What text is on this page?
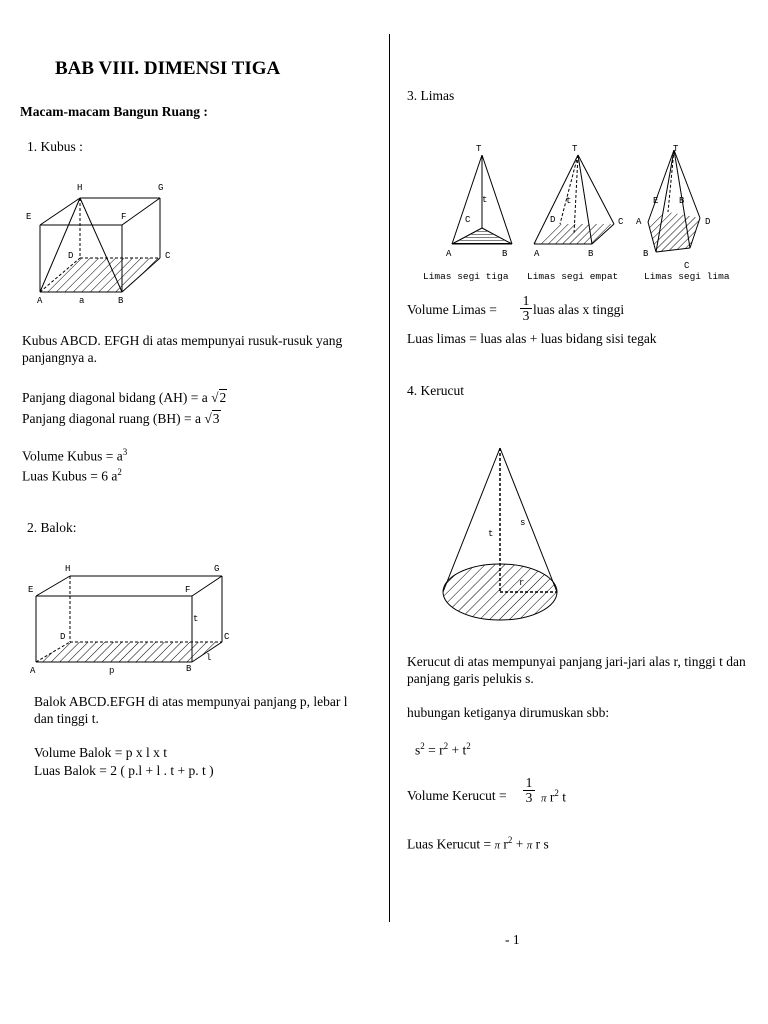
BAB VIII. DIMENSI TIGA
Macam-macam Bangun Ruang :
1. Kubus :
H	G
E	F
D	C
A	a	B
Kubus ABCD. EFGH di atas mempunyai rusuk-rusuk yang panjangnya a.
Panjang diagonal bidang (AH) = a √2
Panjang diagonal ruang (BH) = a √3
Volume Kubus = $a^3$
Luas Kubus = 6 $a^2$
2. Balok:
H	G
E	F
t
D	C
A	p	B
l
Balok ABCD.EFGH di atas mempunyai panjang p, lebar l dan tinggi t.
Volume Balok = p x l x t
Luas Balok = 2 ( p.l + l . t + p. t )
3. Limas
T
t
C
A	B
T
t
D	C
A	B
T
E B
A	D
B
C
Limas segi tiga Limas segi empat	Limas segi lima
Volume Limas = $\frac{1}{3}$ luas alas x tinggi
Luas limas = luas alas + luas bidang sisi tegak
4. Kerucut
t
s
r
Kerucut di atas mempunyai panjang jari-jari alas r, tinggi t dan panjang garis pelukis s.
hubungan ketiganya dirumuskan sbb:
$s^2 = r^2 + t^2$
Volume Kerucut = $\frac{1}{3}$ π $r^2$ t
Luas Kerucut = π $r^2 + \pi$ r s
- 1
